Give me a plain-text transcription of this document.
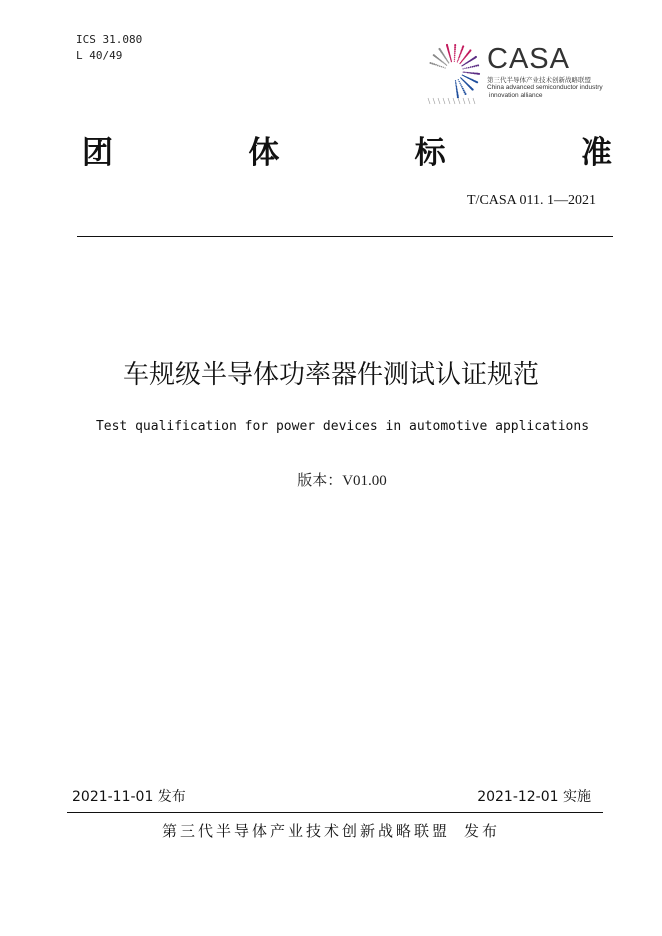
ICS 31.080
L 40/49	CASA
第三代半导体产业技术创新战略联盟
China advanced semiconductor industry
innovation alliance
团	体	标	准
T/CASA 011. 1—2021
车规级半导体功率器件测试认证规范
Test qualification for power devices in automotive applications
版本：V01.00
2021-11-01 发布	2021-12-01 实施
第三代半导体产业技术创新战略联盟 发布
